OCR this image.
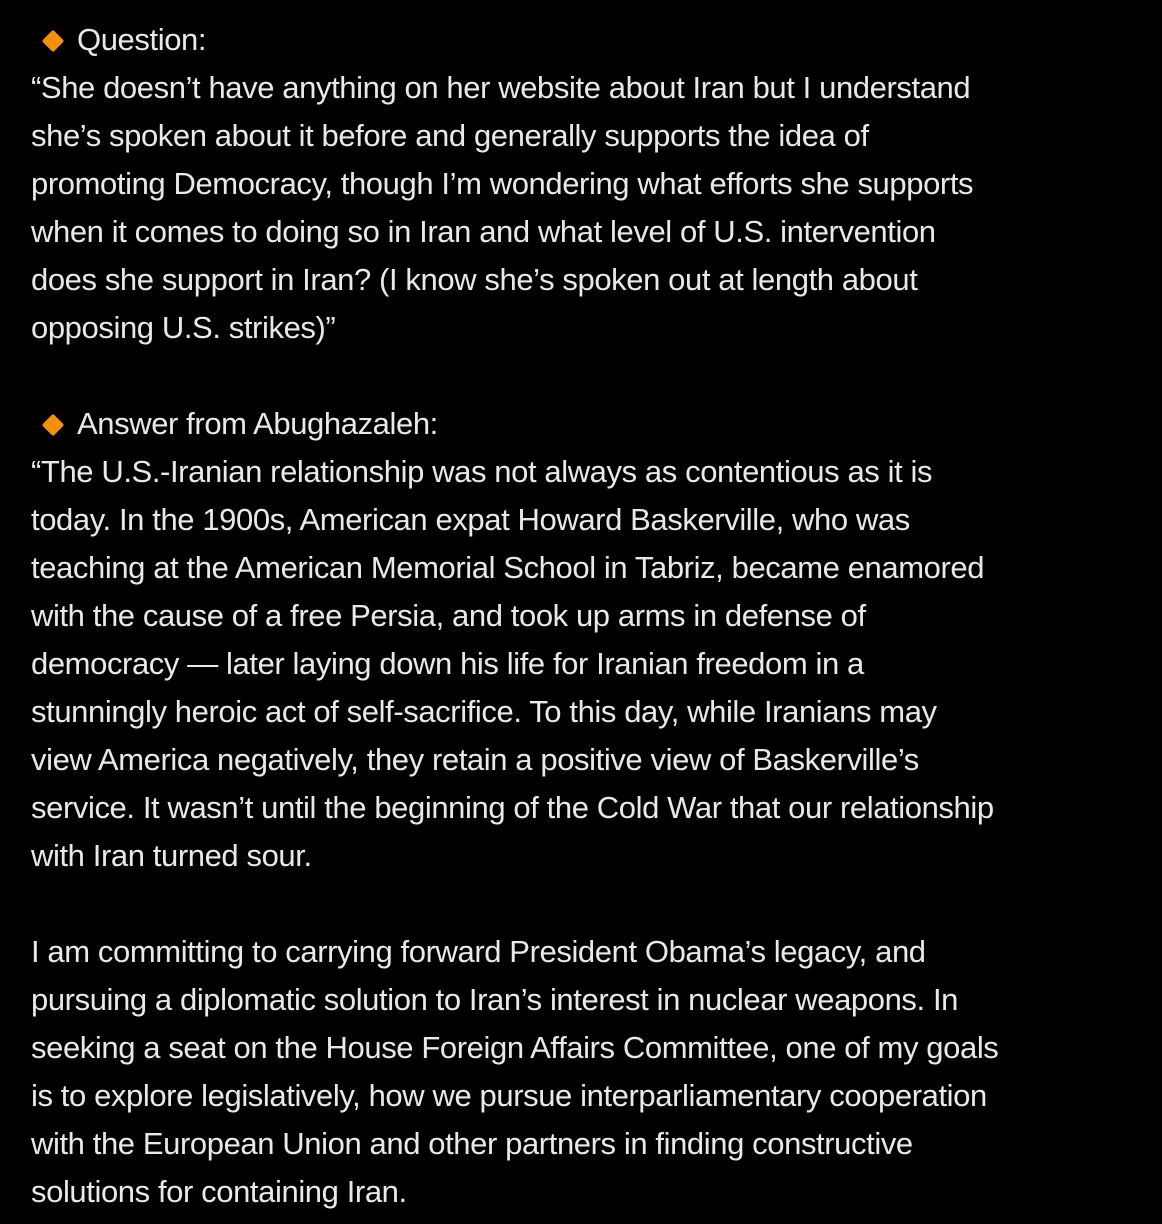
Question:
“She doesn’t have anything on her website about Iran but I understand
she’s spoken about it before and generally supports the idea of
promoting Democracy, though I’m wondering what efforts she supports
when it comes to doing so in Iran and what level of U.S. intervention
does she support in Iran? (I know she’s spoken out at length about
opposing U.S. strikes)”
Answer from Abughazaleh:
“The U.S.-Iranian relationship was not always as contentious as it is
today. In the 1900s, American expat Howard Baskerville, who was
teaching at the American Memorial School in Tabriz, became enamored
with the cause of a free Persia, and took up arms in defense of
democracy — later laying down his life for Iranian freedom in a
stunningly heroic act of self-sacrifice. To this day, while Iranians may
view America negatively, they retain a positive view of Baskerville’s
service. It wasn’t until the beginning of the Cold War that our relationship
with Iran turned sour.
I am committing to carrying forward President Obama’s legacy, and
pursuing a diplomatic solution to Iran’s interest in nuclear weapons. In
seeking a seat on the House Foreign Affairs Committee, one of my goals
is to explore legislatively, how we pursue interparliamentary cooperation
with the European Union and other partners in finding constructive
solutions for containing Iran.
